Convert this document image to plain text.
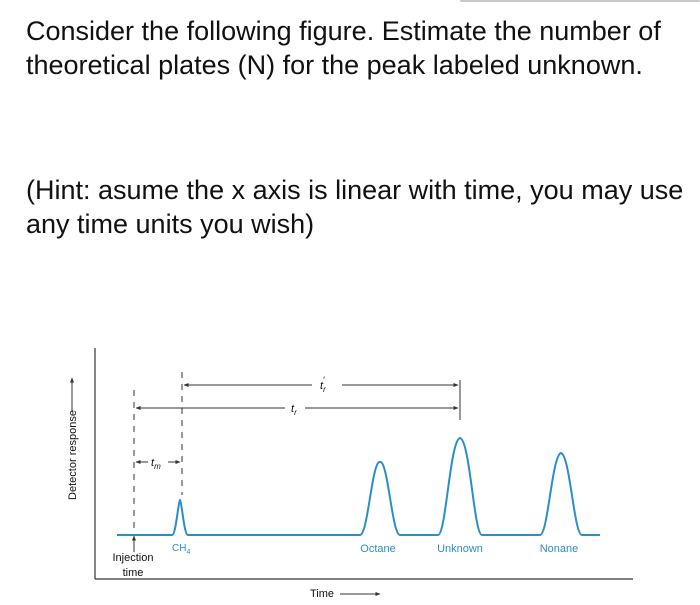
Consider the following figure. Estimate the number of theoretical plates (N) for the peak labeled unknown.

(Hint: asume the x axis is linear with time, you may use any time units you wish)

Detector response
Time
$t_r'$
$t_r$
$t_m$
Injection
time
$CH_4$	Octane	Unknown	Nonane
